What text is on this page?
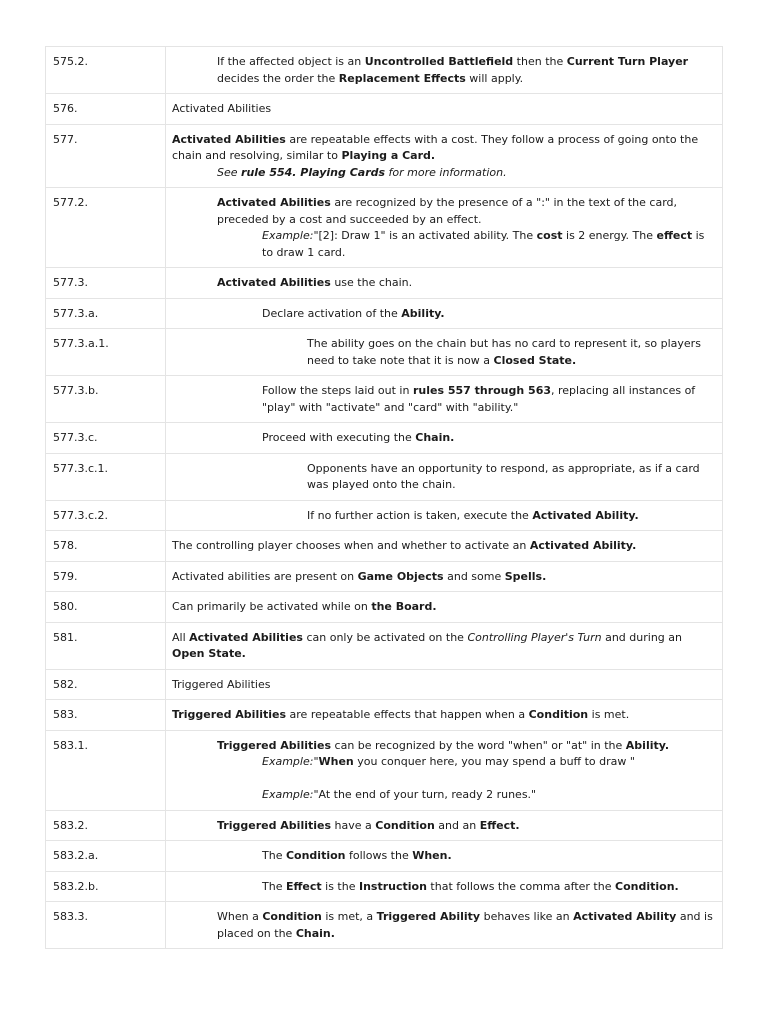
575.2.	If the affected object is an Uncontrolled Battlefield then the Current Turn Player decides the order the Replacement Effects will apply.

576.	Activated Abilities

577.	Activated Abilities are repeatable effects with a cost. They follow a process of going onto the chain and resolving, similar to Playing a Card.
See rule 554. Playing Cards for more information.

577.2.	Activated Abilities are recognized by the presence of a ":" in the text of the card, preceded by a cost and succeeded by an effect.
Example:"[2]: Draw 1" is an activated ability. The cost is 2 energy. The effect is to draw 1 card.

577.3.	Activated Abilities use the chain.

577.3.a.	Declare activation of the Ability.

577.3.a.1.	The ability goes on the chain but has no card to represent it, so players need to take note that it is now a Closed State.

577.3.b.	Follow the steps laid out in rules 557 through 563, replacing all instances of "play" with "activate" and "card" with "ability."

577.3.c.	Proceed with executing the Chain.

577.3.c.1.	Opponents have an opportunity to respond, as appropriate, as if a card was played onto the chain.

577.3.c.2.	If no further action is taken, execute the Activated Ability.

578.	The controlling player chooses when and whether to activate an Activated Ability.

579.	Activated abilities are present on Game Objects and some Spells.

580.	Can primarily be activated while on the Board.

581.	All Activated Abilities can only be activated on the Controlling Player's Turn and during an Open State.

582.	Triggered Abilities

583.	Triggered Abilities are repeatable effects that happen when a Condition is met.

583.1.	Triggered Abilities can be recognized by the word "when" or "at" in the Ability.
Example:"When you conquer here, you may spend a buff to draw "
Example:"At the end of your turn, ready 2 runes."

583.2.	Triggered Abilities have a Condition and an Effect.

583.2.a.	The Condition follows the When.

583.2.b.	The Effect is the Instruction that follows the comma after the Condition.

583.3.	When a Condition is met, a Triggered Ability behaves like an Activated Ability and is placed on the Chain.
